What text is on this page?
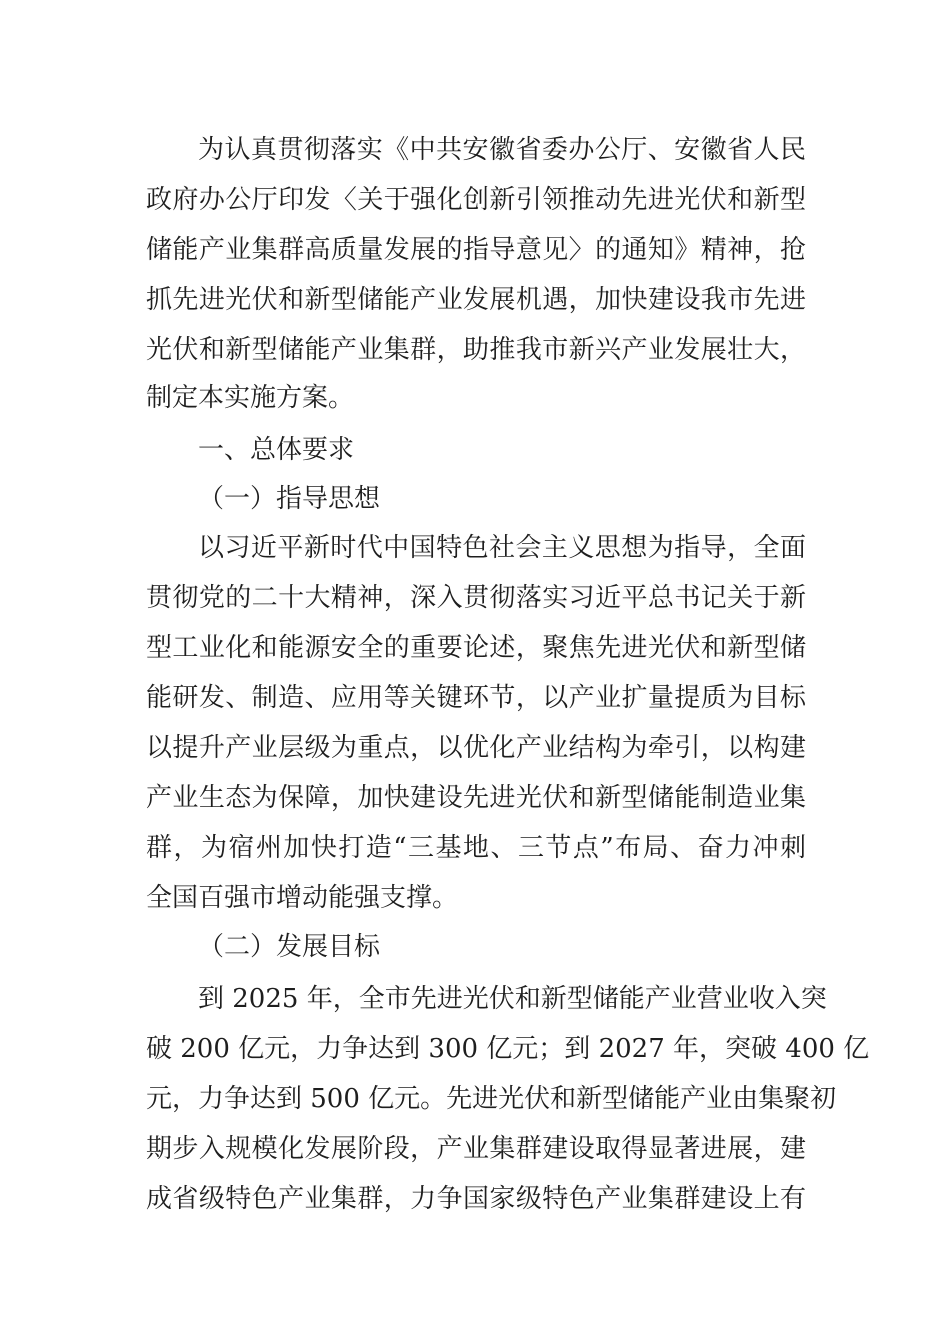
为认真贯彻落实《中共安徽省委办公厅、安徽省人民
政府办公厅印发〈关于强化创新引领推动先进光伏和新型
储能产业集群高质量发展的指导意见〉的通知》精神，抢
抓先进光伏和新型储能产业发展机遇，加快建设我市先进
光伏和新型储能产业集群，助推我市新兴产业发展壮大，
制定本实施方案。
一、总体要求
（一）指导思想
以习近平新时代中国特色社会主义思想为指导，全面
贯彻党的二十大精神，深入贯彻落实习近平总书记关于新
型工业化和能源安全的重要论述，聚焦先进光伏和新型储
能研发、制造、应用等关键环节，以产业扩量提质为目标
以提升产业层级为重点，以优化产业结构为牵引，以构建
产业生态为保障，加快建设先进光伏和新型储能制造业集
群，为宿州加快打造“三基地、三节点”布局、奋力冲刺
全国百强市增动能强支撑。
（二）发展目标
到 2025 年，全市先进光伏和新型储能产业营业收入突
破 200 亿元，力争达到 300 亿元；到 2027 年，突破 400 亿
元，力争达到 500 亿元。先进光伏和新型储能产业由集聚初
期步入规模化发展阶段，产业集群建设取得显著进展，建
成省级特色产业集群，力争国家级特色产业集群建设上有
